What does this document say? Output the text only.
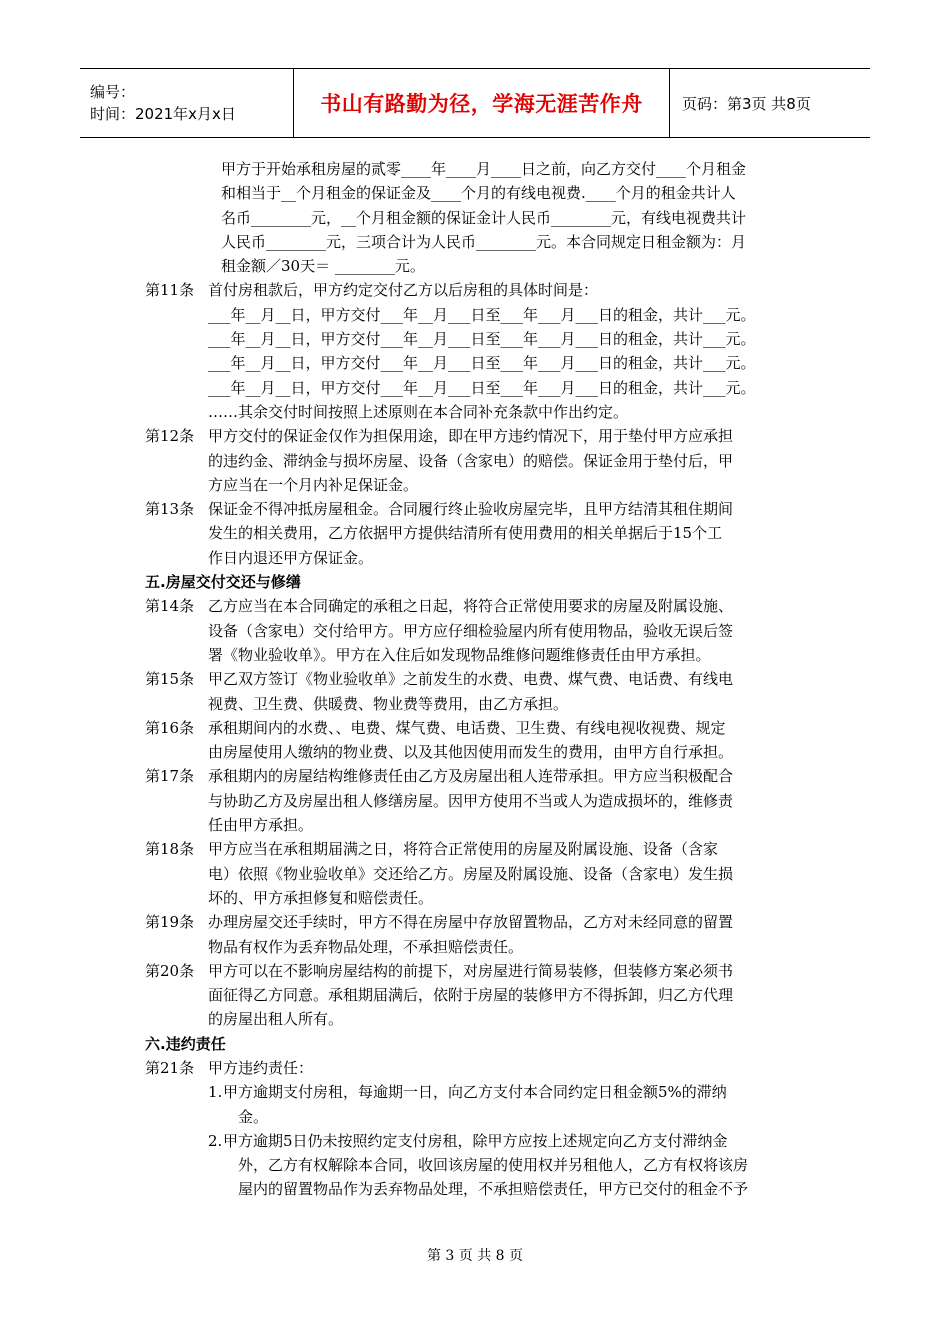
编号：
时间：2021年x月x日	书山有路勤为径，学海无涯苦作舟	页码：第3页 共8页
甲方于开始承租房屋的贰零____年____月____日之前，向乙方交付____个月租金
和相当于__个月租金的保证金及____个月的有线电视费.____个月的租金共计人
名币________元，__个月租金额的保证金计人民币________元，有线电视费共计
人民币________元，三项合计为人民币________元。本合同规定日租金额为：月
租金额／30天＝ ________元。
第11条 首付房租款后，甲方约定交付乙方以后房租的具体时间是：
___年__月__日，甲方交付___年__月___日至___年___月___日的租金，共计___元。
___年__月__日，甲方交付___年__月___日至___年___月___日的租金，共计___元。
___年__月__日，甲方交付___年__月___日至___年___月___日的租金，共计___元。
___年__月__日，甲方交付___年__月___日至___年___月___日的租金，共计___元。
……其余交付时间按照上述原则在本合同补充条款中作出约定。
第12条 甲方交付的保证金仅作为担保用途，即在甲方违约情况下，用于垫付甲方应承担
的违约金、滞纳金与损坏房屋、设备（含家电）的赔偿。保证金用于垫付后，甲
方应当在一个月内补足保证金。
第13条 保证金不得冲抵房屋租金。合同履行终止验收房屋完毕，且甲方结清其租住期间
发生的相关费用，乙方依据甲方提供结清所有使用费用的相关单据后于15个工
作日内退还甲方保证金。
五.房屋交付交还与修缮
第14条 乙方应当在本合同确定的承租之日起，将符合正常使用要求的房屋及附属设施、
设备（含家电）交付给甲方。甲方应仔细检验屋内所有使用物品，验收无误后签
署《物业验收单》。甲方在入住后如发现物品维修问题维修责任由甲方承担。
第15条 甲乙双方签订《物业验收单》之前发生的水费、电费、煤气费、电话费、有线电
视费、卫生费、供暖费、物业费等费用，由乙方承担。
第16条 承租期间内的水费、、电费、煤气费、电话费、卫生费、有线电视收视费、规定
由房屋使用人缴纳的物业费、以及其他因使用而发生的费用，由甲方自行承担。
第17条 承租期内的房屋结构维修责任由乙方及房屋出租人连带承担。甲方应当积极配合
与协助乙方及房屋出租人修缮房屋。因甲方使用不当或人为造成损坏的，维修责
任由甲方承担。
第18条 甲方应当在承租期届满之日，将符合正常使用的房屋及附属设施、设备（含家
电）依照《物业验收单》交还给乙方。房屋及附属设施、设备（含家电）发生损
坏的、甲方承担修复和赔偿责任。
第19条 办理房屋交还手续时，甲方不得在房屋中存放留置物品，乙方对未经同意的留置
物品有权作为丢弃物品处理，不承担赔偿责任。
第20条 甲方可以在不影响房屋结构的前提下，对房屋进行简易装修，但装修方案必须书
面征得乙方同意。承租期届满后，依附于房屋的装修甲方不得拆卸，归乙方代理
的房屋出租人所有。
六.违约责任
第21条 甲方违约责任：
1. 甲方逾期支付房租，每逾期一日，向乙方支付本合同约定日租金额5%的滞纳
金。
2. 甲方逾期5日仍未按照约定支付房租，除甲方应按上述规定向乙方支付滞纳金
外，乙方有权解除本合同，收回该房屋的使用权并另租他人，乙方有权将该房
屋内的留置物品作为丢弃物品处理，不承担赔偿责任，甲方已交付的租金不予
第 3 页 共 8 页
